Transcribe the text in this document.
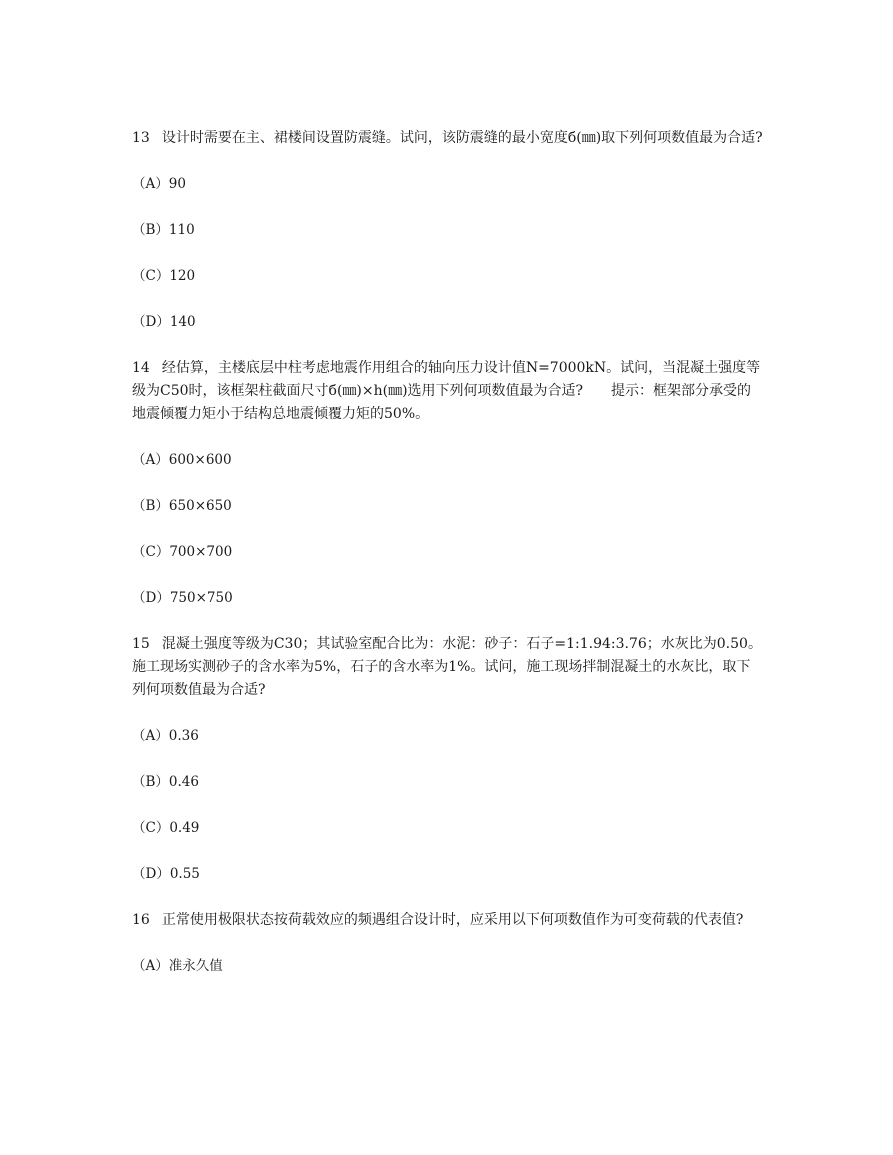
13 设计时需要在主、裙楼间设置防震缝。试问，该防震缝的最小宽度б(㎜)取下列何项数值最为合适?

（A）90

（B）110

（C）120

（D）140

14 经估算，主楼底层中柱考虑地震作用组合的轴向压力设计值N=7000kN。试问，当混凝土强度等级为C50时，该框架柱截面尺寸б(㎜)×h(㎜)选用下列何项数值最为合适?　　提示：框架部分承受的地震倾覆力矩小于结构总地震倾覆力矩的50%。

（A）600×600

（B）650×650

（C）700×700

（D）750×750

15 混凝土强度等级为C30；其试验室配合比为：水泥：砂子：石子=1:1.94:3.76；水灰比为0.50。施工现场实测砂子的含水率为5%，石子的含水率为1%。试问，施工现场拌制混凝土的水灰比，取下列何项数值最为合适?

（A）0.36

（B）0.46

（C）0.49

（D）0.55

16 正常使用极限状态按荷载效应的频遇组合设计时，应采用以下何项数值作为可变荷载的代表值?

（A）准永久值
